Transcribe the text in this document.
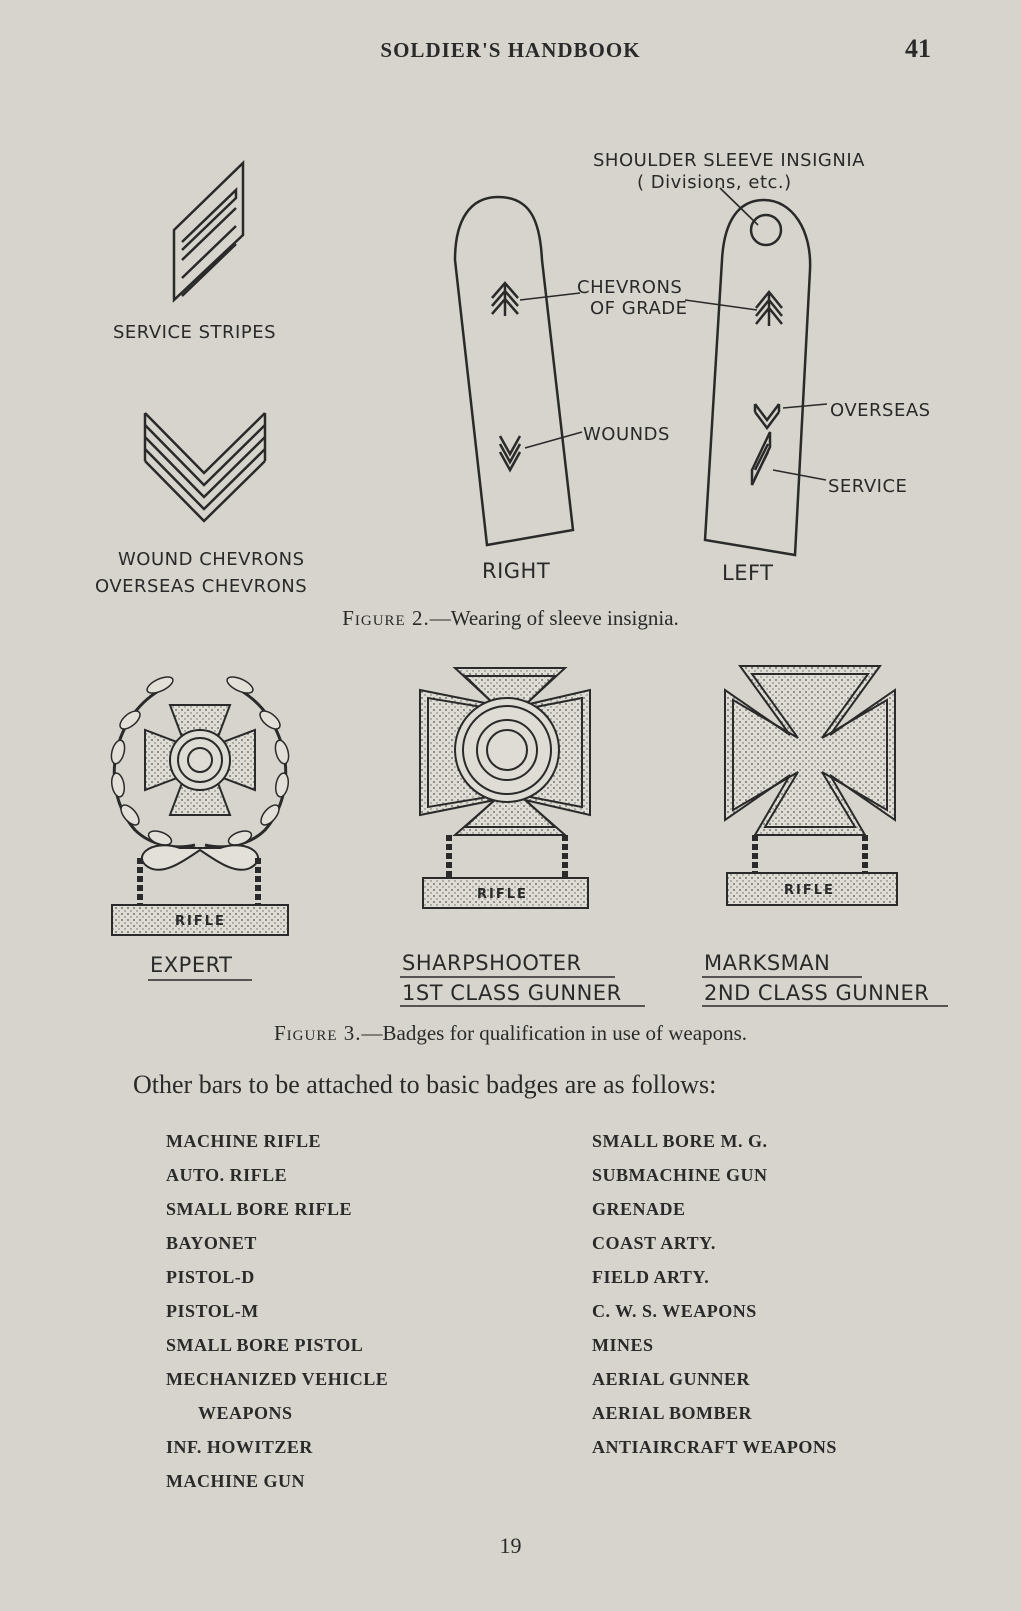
SOLDIER'S HANDBOOK	41
SERVICE STRIPES
WOUND CHEVRONS
OVERSEAS CHEVRONS
SHOULDER SLEEVE INSIGNIA
( Divisions, etc.)
CHEVRONS
OF GRADE
WOUNDS
OVERSEAS
SERVICE
RIGHT	LEFT
RIFLE
EXPERT
RIFLE
SHARPSHOOTER
1ST CLASS GUNNER
RIFLE
MARKSMAN
2ND CLASS GUNNER
Figure 2.—Wearing of sleeve insignia.
Figure 3.—Badges for qualification in use of weapons.
Other bars to be attached to basic badges are as follows:
MACHINE RIFLE
AUTO. RIFLE
SMALL BORE RIFLE
BAYONET
PISTOL-D
PISTOL-M
SMALL BORE PISTOL
MECHANIZED VEHICLE
WEAPONS
INF. HOWITZER
MACHINE GUN
SMALL BORE M. G.
SUBMACHINE GUN
GRENADE
COAST ARTY.
FIELD ARTY.
C. W. S. WEAPONS
MINES
AERIAL GUNNER
AERIAL BOMBER
ANTIAIRCRAFT WEAPONS
19
